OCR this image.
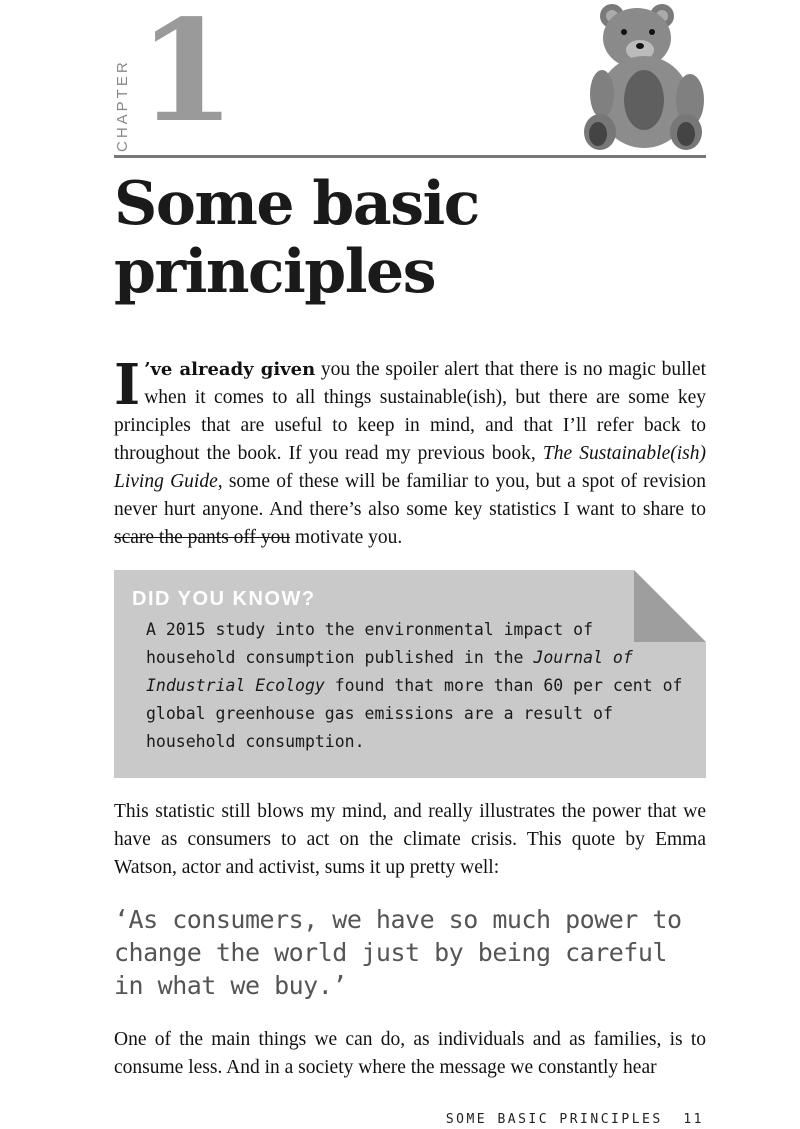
CHAPTER 1
Some basic
principles

I ’ve already given you the spoiler alert that there is no magic bullet when it comes to all things sustainable(ish), but there are some key principles that are useful to keep in mind, and that I’ll refer back to throughout the book. If you read my previous book, The Sustainable(ish) Living Guide, some of these will be familiar to you, but a spot of revision never hurt anyone. And there’s also some key statistics I want to share to scare the pants off you motivate you.

DID YOU KNOW?
A 2015 study into the environmental impact of household consumption published in the Journal of Industrial Ecology found that more than 60 per cent of global greenhouse gas emissions are a result of household consumption.

This statistic still blows my mind, and really illustrates the power that we have as consumers to act on the climate crisis. This quote by Emma Watson, actor and activist, sums it up pretty well:

‘As consumers, we have so much power to change the world just by being careful in what we buy.’

One of the main things we can do, as individuals and as families, is to consume less. And in a society where the message we constantly hear

SOME BASIC PRINCIPLES 11
